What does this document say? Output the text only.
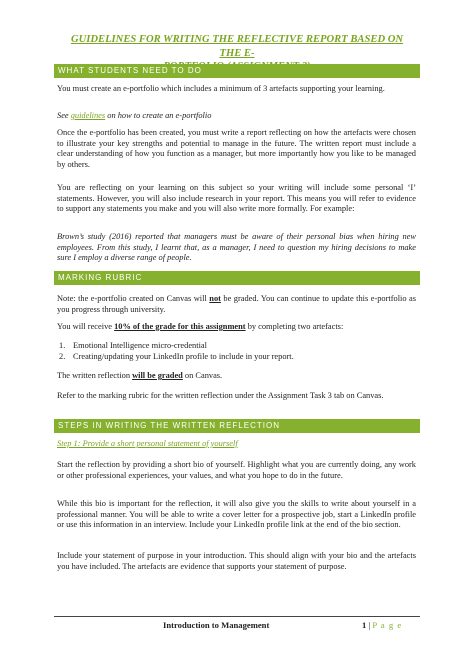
GUIDELINES FOR WRITING THE REFLECTIVE REPORT BASED ON THE E-
WHAT STUDENTS NEED TO DO
You must create an e-portfolio which includes a minimum of 3 artefacts supporting your learning.
See guidelines on how to create an e-portfolio
Once the e-portfolio has been created, you must write a report reflecting on how the artefacts were chosen to illustrate your key strengths and potential to manage in the future. The written report must include a clear understanding of how you function as a manager, but more importantly how you like to be managed by others.
You are reflecting on your learning on this subject so your writing will include some personal ‘I’ statements. However, you will also include research in your report. This means you will refer to evidence to support any statements you make and you will also write more formally. For example:
Brown’s study (2016) reported that managers must be aware of their personal bias when hiring new employees. From this study, I learnt that, as a manager, I need to question my hiring decisions to make sure I employ a diverse range of people.
MARKING RUBRIC
Note: the e-portfolio created on Canvas will not be graded. You can continue to update this e-portfolio as you progress through university.
You will receive 10% of the grade for this assignment by completing two artefacts:
1. Emotional Intelligence micro-credential
2. Creating/updating your LinkedIn profile to include in your report.
The written reflection will be graded on Canvas.
Refer to the marking rubric for the written reflection under the Assignment Task 3 tab on Canvas.
STEPS IN WRITING THE WRITTEN REFLECTION
Step 1: Provide a short personal statement of yourself
Start the reflection by providing a short bio of yourself. Highlight what you are currently doing, any work or other professional experiences, your values, and what you hope to do in the future.
While this bio is important for the reflection, it will also give you the skills to write about yourself in a professional manner. You will be able to write a cover letter for a prospective job, start a LinkedIn profile or use this information in an interview. Include your LinkedIn profile link at the end of the bio section.
Include your statement of purpose in your introduction. This should align with your bio and the artefacts you have included. The artefacts are evidence that supports your statement of purpose.
Introduction to Management	1 | P a g e
